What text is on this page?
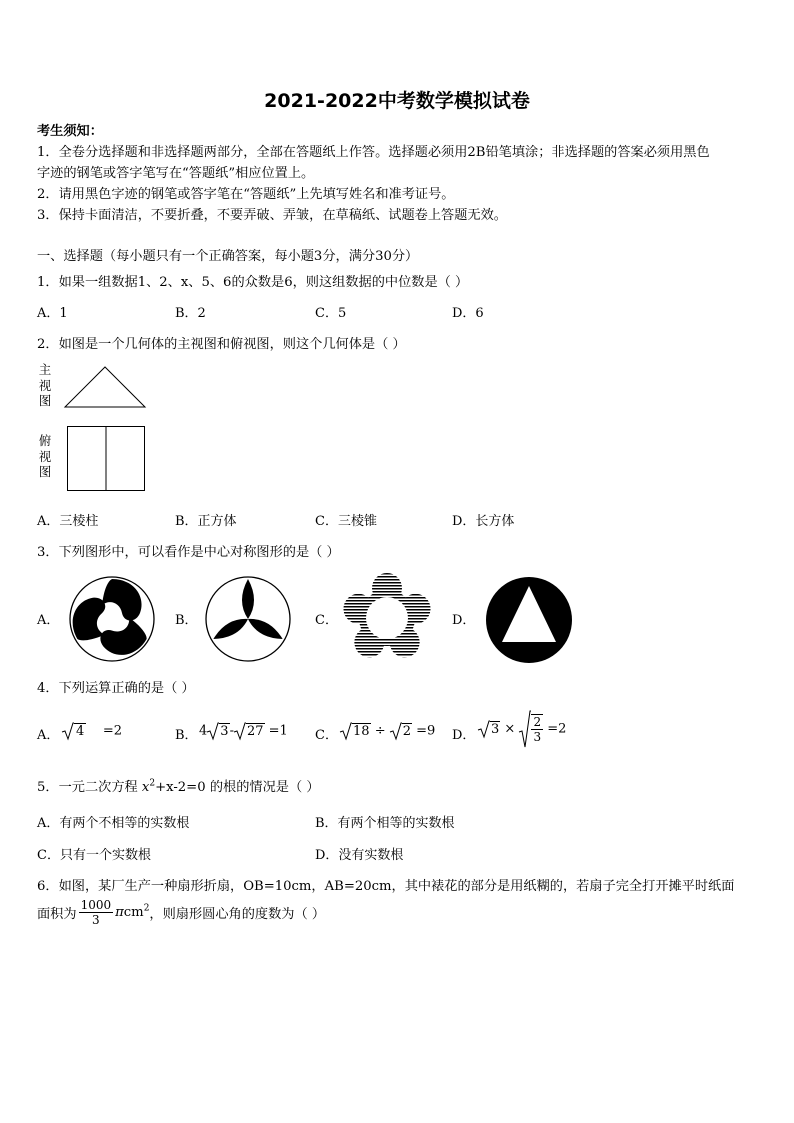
2021-2022中考数学模拟试卷
考生须知：
1．全卷分选择题和非选择题两部分，全部在答题纸上作答。选择题必须用2B铅笔填涂；非选择题的答案必须用黑色
字迹的钢笔或答字笔写在“答题纸”相应位置上。
2．请用黑色字迹的钢笔或答字笔在“答题纸”上先填写姓名和准考证号。
3．保持卡面清洁，不要折叠，不要弄破、弄皱，在草稿纸、试题卷上答题无效。
一、选择题（每小题只有一个正确答案，每小题3分，满分30分）
1．如果一组数据1、2、x、5、6的众数是6，则这组数据的中位数是（ ）
A．1	B．2	C．5	D．6
2．如图是一个几何体的主视图和俯视图，则这个几何体是（ ）
主
视
图
俯
视
图
A．三棱柱	B．正方体	C．三棱锥	D．长方体
3．下列图形中，可以看作是中心对称图形的是（ ）
A．	B．	C．	D．
4．下列运算正确的是（ ）
A．	4 =2	B． 4 3- 27 =1 C．	18 ÷ 2 =9 D．	$3 \times \frac{2}{3} =2$
5．一元二次方程 $x^2+x-2=0$ 的根的情况是（ ）
A．有两个不相等的实数根	B．有两个相等的实数根
C．只有一个实数根	D．没有实数根
6．如图，某厂生产一种扇形折扇，OB=10cm，AB=20cm，其中裱花的部分是用纸糊的，若扇子完全打开摊平时纸面
面积为 $\frac{1000}{3} \pi cm^2$，则扇形圆心角的度数为（ ）
